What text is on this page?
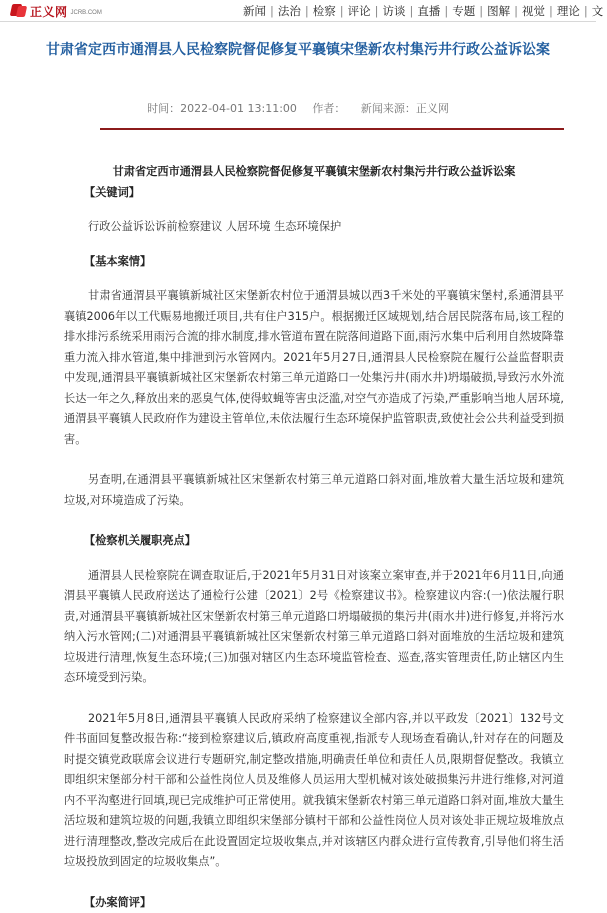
正义网 JCRB.COM	新闻 | 法治 | 检察 | 评论 | 访谈 | 直播 | 专题 | 图解 | 视觉 | 理论 | 文
甘肃省定西市通渭县人民检察院督促修复平襄镇宋堡新农村集污井行政公益诉讼案
时间：2022-04-01 13:11:00 作者： 新闻来源：正义网
甘肃省定西市通渭县人民检察院督促修复平襄镇宋堡新农村集污井行政公益诉讼案
【关键词】
行政公益诉讼诉前检察建议 人居环境 生态环境保护
【基本案情】

甘肃省通渭县平襄镇新城社区宋堡新农村位于通渭县城以西3千米处的平襄镇宋堡村,系通渭县平襄镇2006年以工代赈易地搬迁项目,共有住户315户。根据搬迁区域规划,结合居民院落布局,该工程的排水排污系统采用雨污合流的排水制度,排水管道布置在院落间道路下面,雨污水集中后利用自然坡降靠重力流入排水管道,集中排泄到污水管网内。2021年5月27日,通渭县人民检察院在履行公益监督职责中发现,通渭县平襄镇新城社区宋堡新农村第三单元道路口一处集污井(雨水井)坍塌破损,导致污水外流长达一年之久,释放出来的恶臭气体,使得蚊蝇等害虫泛滥,对空气亦造成了污染,严重影响当地人居环境,通渭县平襄镇人民政府作为建设主管单位,未依法履行生态环境保护监管职责,致使社会公共利益受到损害。

另查明,在通渭县平襄镇新城社区宋堡新农村第三单元道路口斜对面,堆放着大量生活垃圾和建筑垃圾,对环境造成了污染。

【检察机关履职亮点】

通渭县人民检察院在调查取证后,于2021年5月31日对该案立案审查,并于2021年6月11日,向通渭县平襄镇人民政府送达了通检行公建〔2021〕2号《检察建议书》。检察建议内容:(一)依法履行职责,对通渭县平襄镇新城社区宋堡新农村第三单元道路口坍塌破损的集污井(雨水井)进行修复,并将污水纳入污水管网;(二)对通渭县平襄镇新城社区宋堡新农村第三单元道路口斜对面堆放的生活垃圾和建筑垃圾进行清理,恢复生态环境;(三)加强对辖区内生态环境监管检查、巡查,落实管理责任,防止辖区内生态环境受到污染。

2021年5月8日,通渭县平襄镇人民政府采纳了检察建议全部内容,并以平政发〔2021〕132号文件书面回复整改报告称:“接到检察建议后,镇政府高度重视,指派专人现场查看确认,针对存在的问题及时提交镇党政联席会议进行专题研究,制定整改措施,明确责任单位和责任人员,限期督促整改。我镇立即组织宋堡部分村干部和公益性岗位人员及维修人员运用大型机械对该处破损集污井进行维修,对河道内不平沟壑进行回填,现已完成维护可正常使用。就我镇宋堡新农村第三单元道路口斜对面,堆放大量生活垃圾和建筑垃圾的问题,我镇立即组织宋堡部分镇村干部和公益性岗位人员对该处非正规垃圾堆放点进行清理整改,整改完成后在此设置固定垃圾收集点,并对该辖区内群众进行宣传教育,引导他们将生活垃圾投放到固定的垃圾收集点”。

【办案简评】
